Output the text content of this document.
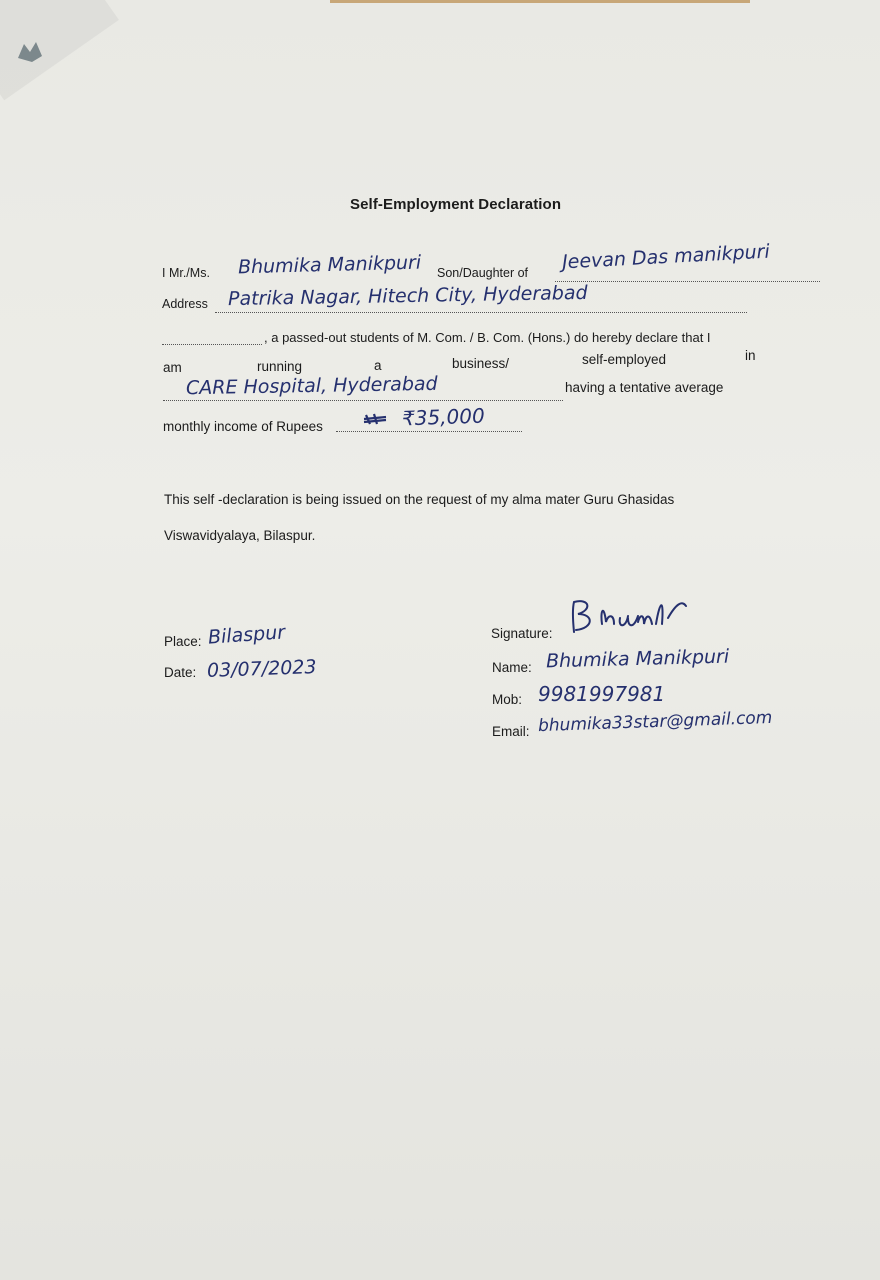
Self-Employment Declaration
I Mr./Ms. Bhumika Manikpuri Son/Daughter of Jeevan Das manikpuri
Address Patrika Nagar, Hitech City, Hyderabad
, a passed-out students of M. Com. / B. Com. (Hons.) do hereby declare that I
am	running	a	business/	self-employed	in
CARE Hospital, Hyderabad	having a tentative average
monthly income of Rupees	₹35,000
This self -declaration is being issued on the request of my alma mater Guru Ghasidas
Viswavidyalaya, Bilaspur.
Place: Bilaspur
Date: 03/07/2023
Signature:
Name: Bhumika Manikpuri
Mob: 9981997981
Email: bhumika33star@gmail.com
